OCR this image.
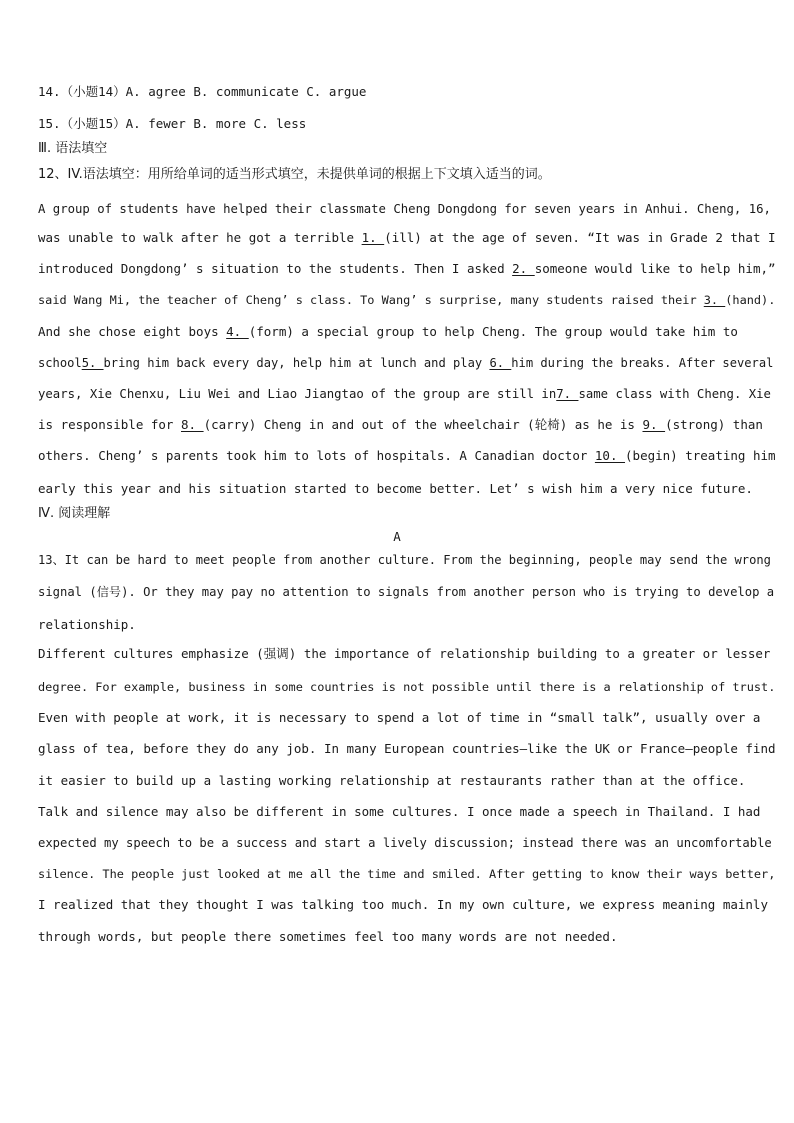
14.（小题14）A. agree B. communicate C. argue
15.（小题15）A. fewer B. more C. less
Ⅲ. 语法填空
12、IV.语法填空：用所给单词的适当形式填空，未提供单词的根据上下文填入适当的词。
A group of students have helped their classmate Cheng Dongdong for seven years in Anhui. Cheng, 16,
was unable to walk after he got a terrible 1. (ill) at the age of seven. “It was in Grade 2 that I
introduced Dongdong’ s situation to the students. Then I asked 2. someone would like to help him,”
said Wang Mi, the teacher of Cheng’ s class. To Wang’ s surprise, many students raised their 3. (hand).
And she chose eight boys 4. (form) a special group to help Cheng. The group would take him to
school5. bring him back every day, help him at lunch and play 6. him during the breaks. After several
years, Xie Chenxu, Liu Wei and Liao Jiangtao of the group are still in7. same class with Cheng. Xie
is responsible for 8. (carry) Cheng in and out of the wheelchair (轮椅) as he is 9. (strong) than
others. Cheng’ s parents took him to lots of hospitals. A Canadian doctor 10. (begin) treating him
early this year and his situation started to become better. Let’ s wish him a very nice future.
Ⅳ. 阅读理解
A
13、It can be hard to meet people from another culture. From the beginning, people may send the wrong
signal (信号). Or they may pay no attention to signals from another person who is trying to develop a
relationship.
Different cultures emphasize (强调) the importance of relationship building to a greater or lesser
degree. For example, business in some countries is not possible until there is a relationship of trust.
Even with people at work, it is necessary to spend a lot of time in “small talk”, usually over a
glass of tea, before they do any job. In many European countries—like the UK or France—people find
it easier to build up a lasting working relationship at restaurants rather than at the office.
Talk and silence may also be different in some cultures. I once made a speech in Thailand. I had
expected my speech to be a success and start a lively discussion; instead there was an uncomfortable
silence. The people just looked at me all the time and smiled. After getting to know their ways better,
I realized that they thought I was talking too much. In my own culture, we express meaning mainly
through words, but people there sometimes feel too many words are not needed.
